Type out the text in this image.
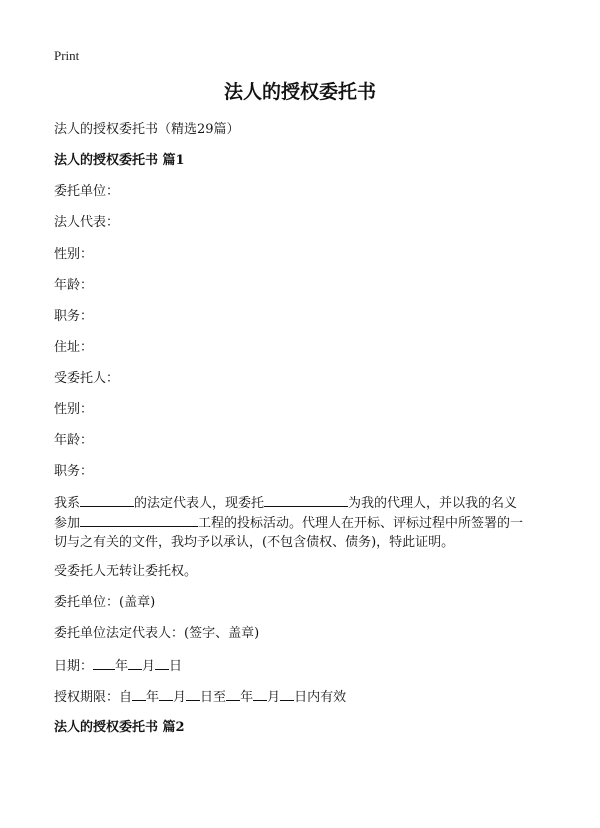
Print
法人的授权委托书
法人的授权委托书（精选29篇）
法人的授权委托书 篇1
委托单位：
法人代表：
性别：
年龄：
职务：
住址：
受委托人：
性别：
年龄：
职务：
我系	的法定代表人，现委托	为我的代理人，并以我的名义
参加	工程的投标活动。代理人在开标、评标过程中所签署的一
切与之有关的文件，我均予以承认，(不包含债权、债务)，特此证明。
受委托人无转让委托权。
委托单位：(盖章)
委托单位法定代表人：(签字、盖章)
日期： 年 月 日
授权期限：自 年 月 日至 年 月 日内有效
法人的授权委托书 篇2
